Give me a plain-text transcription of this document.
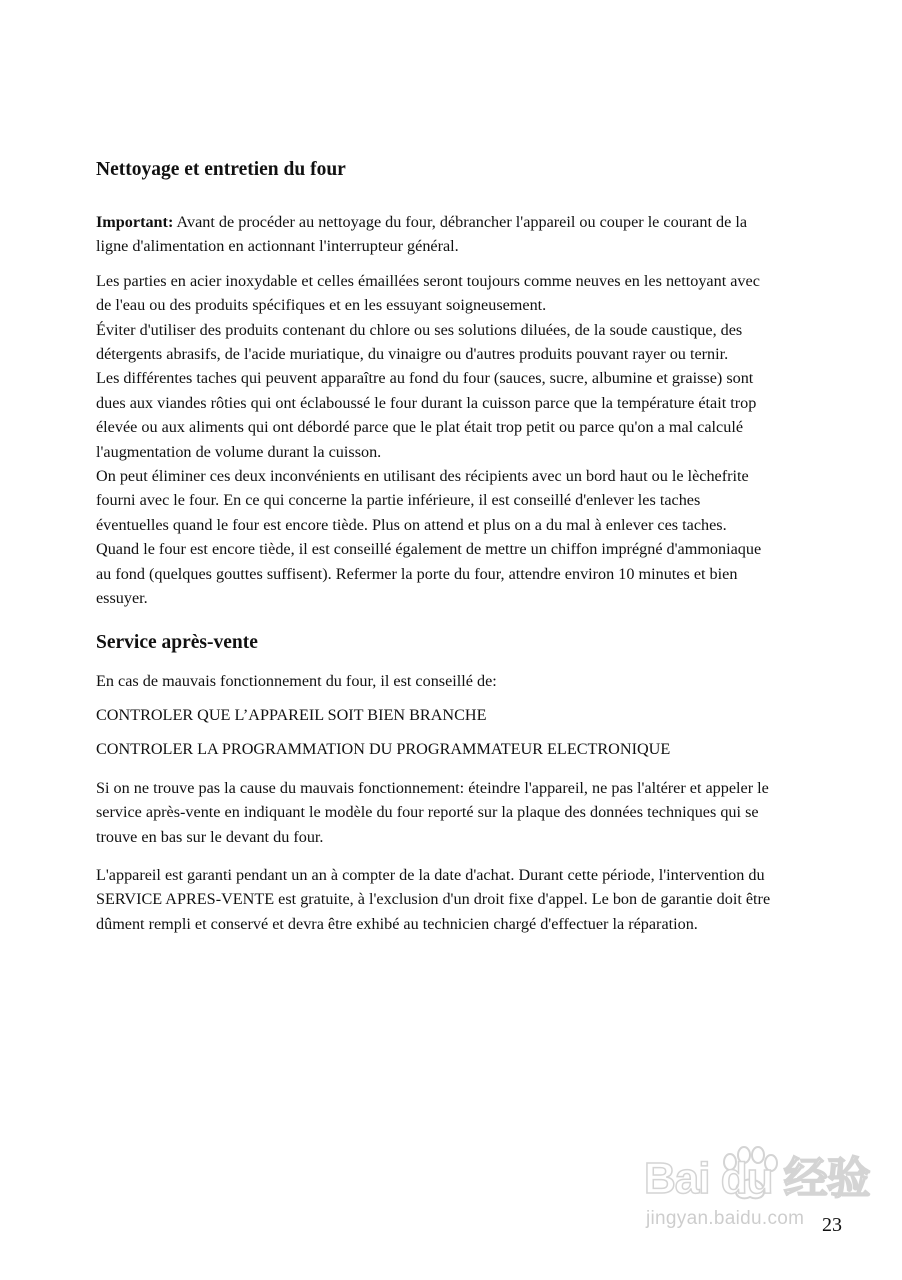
Nettoyage et entretien du four

Important: Avant de procéder au nettoyage du four, débrancher l'appareil ou couper le courant de la ligne d'alimentation en actionnant l'interrupteur général.

Les parties en acier inoxydable et celles émaillées seront toujours comme neuves en les nettoyant avec de l'eau ou des produits spécifiques et en les essuyant soigneusement.

Éviter d'utiliser des produits contenant du chlore ou ses solutions diluées, de la soude caustique, des détergents abrasifs, de l'acide muriatique, du vinaigre ou d'autres produits pouvant rayer ou ternir.

Les différentes taches qui peuvent apparaître au fond du four (sauces, sucre, albumine et graisse) sont dues aux viandes rôties qui ont éclaboussé le four durant la cuisson parce que la température était trop élevée ou aux aliments qui ont débordé parce que le plat était trop petit ou parce qu'on a mal calculé l'augmentation de volume durant la cuisson.

On peut éliminer ces deux inconvénients en utilisant des récipients avec un bord haut ou le lèchefrite fourni avec le four. En ce qui concerne la partie inférieure, il est conseillé d'enlever les taches éventuelles quand le four est encore tiède. Plus on attend et plus on a du mal à enlever ces taches.

Quand le four est encore tiède, il est conseillé également de mettre un chiffon imprégné d'ammoniaque au fond (quelques gouttes suffisent). Refermer la porte du four, attendre environ 10 minutes et bien essuyer.

Service après-vente

En cas de mauvais fonctionnement du four, il est conseillé de:

CONTROLER QUE L’APPAREIL SOIT BIEN BRANCHE

CONTROLER LA PROGRAMMATION DU PROGRAMMATEUR ELECTRONIQUE

Si on ne trouve pas la cause du mauvais fonctionnement: éteindre l'appareil, ne pas l'altérer et appeler le service après-vente en indiquant le modèle du four reporté sur la plaque des données techniques qui se trouve en bas sur le devant du four.

L'appareil est garanti pendant un an à compter de la date d'achat. Durant cette période, l'intervention du SERVICE APRES-VENTE est gratuite, à l'exclusion d'un droit fixe d'appel. Le bon de garantie doit être dûment rempli et conservé et devra être exhibé au technicien chargé d'effectuer la réparation.

Bai du 经验
jingyan.baidu.com 23
